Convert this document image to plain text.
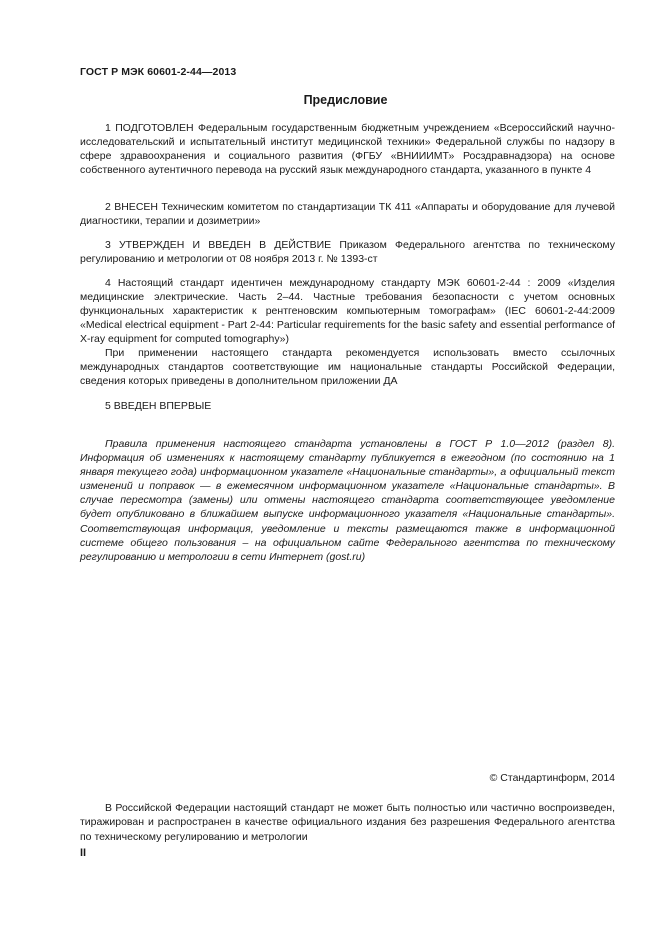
ГОСТ Р МЭК 60601-2-44—2013
Предисловие
1 ПОДГОТОВЛЕН Федеральным государственным бюджетным учреждением «Всероссийский научно-исследовательский и испытательный институт медицинской техники» Федеральной службы по надзору в сфере здравоохранения и социального развития (ФГБУ «ВНИИИМТ» Росздравнадзора) на основе собственного аутентичного перевода на русский язык международного стандарта, указанного в пункте 4
2 ВНЕСЕН Техническим комитетом по стандартизации ТК 411 «Аппараты и оборудование для лучевой диагностики, терапии и дозиметрии»
3 УТВЕРЖДЕН И ВВЕДЕН В ДЕЙСТВИЕ Приказом Федерального агентства по техническому регулированию и метрологии от 08 ноября 2013 г. № 1393-ст
4 Настоящий стандарт идентичен международному стандарту МЭК 60601-2-44 : 2009 «Изделия медицинские электрические. Часть 2–44. Частные требования безопасности с учетом основных функциональных характеристик к рентгеновским компьютерным томографам» (IEC 60601-2-44:2009 «Medical electrical equipment - Part 2-44: Particular requirements for the basic safety and essential performance of X-ray equipment for computed tomography»)
При применении настоящего стандарта рекомендуется использовать вместо ссылочных международных стандартов соответствующие им национальные стандарты Российской Федерации, сведения которых приведены в дополнительном приложении ДА
5 ВВЕДЕН ВПЕРВЫЕ
Правила применения настоящего стандарта установлены в ГОСТ Р 1.0—2012 (раздел 8). Информация об изменениях к настоящему стандарту публикуется в ежегодном (по состоянию на 1 января текущего года) информационном указателе «Национальные стандарты», а официальный текст изменений и поправок — в ежемесячном информационном указателе «Национальные стандарты». В случае пересмотра (замены) или отмены настоящего стандарта соответствующее уведомление будет опубликовано в ближайшем выпуске информационного указателя «Национальные стандарты». Соответствующая информация, уведомление и тексты размещаются также в информационной системе общего пользования – на официальном сайте Федерального агентства по техническому регулированию и метрологии в сети Интернет (gost.ru)
© Стандартинформ, 2014
В Российской Федерации настоящий стандарт не может быть полностью или частично воспроизведен, тиражирован и распространен в качестве официального издания без разрешения Федерального агентства по техническому регулированию и метрологии
II
